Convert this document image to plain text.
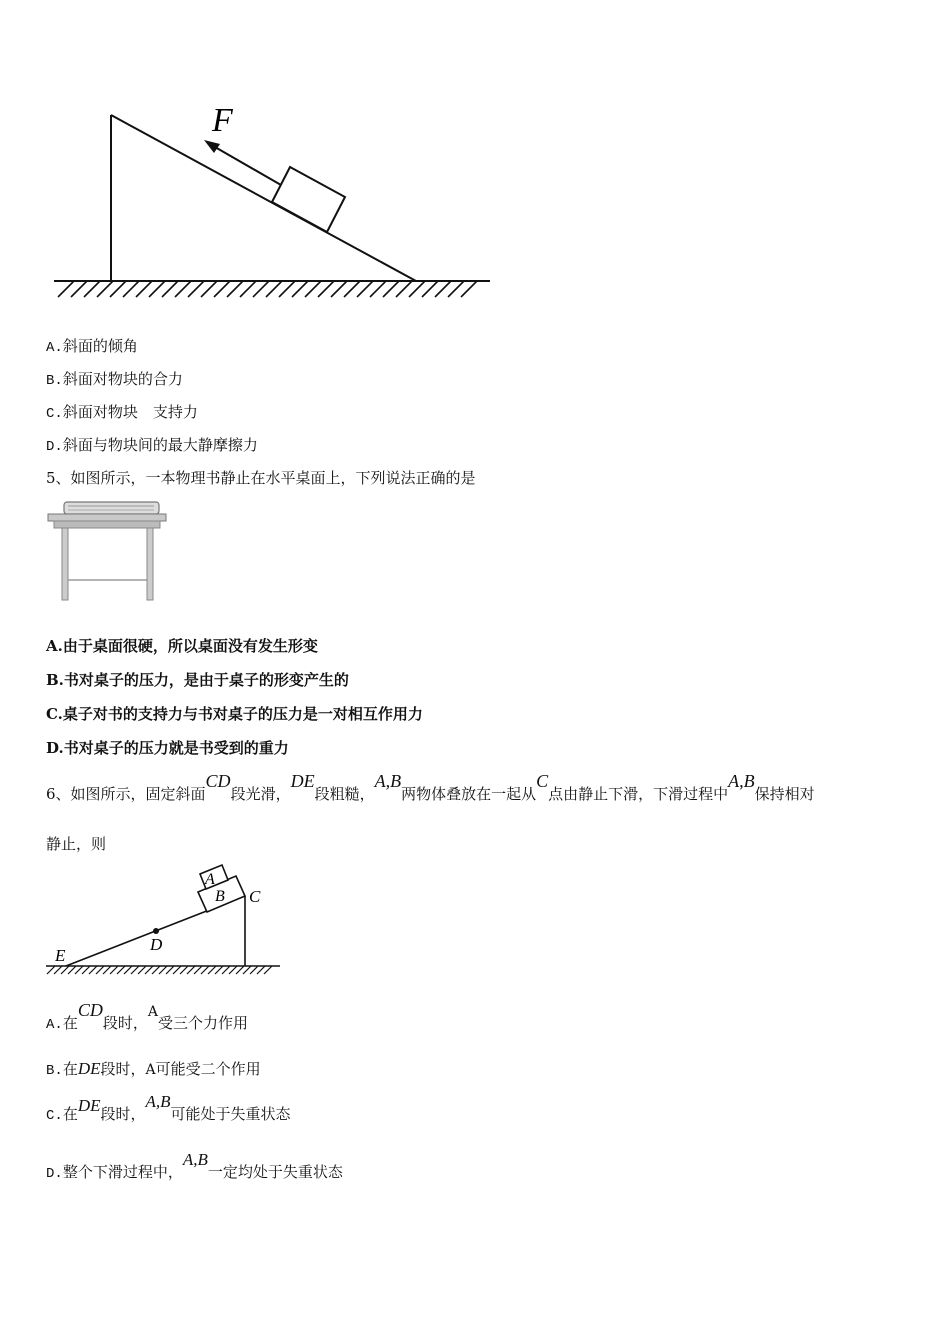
F
A.斜面的倾角
B.斜面对物块的合力
C.斜面对物块　支持力
D.斜面与物块间的最大静摩擦力
5、如图所示，一本物理书静止在水平桌面上，下列说法正确的是
A.由于桌面很硬，所以桌面没有发生形变
B.书对桌子的压力，是由于桌子的形变产生的
C.桌子对书的支持力与书对桌子的压力是一对相互作用力
D.书对桌子的压力就是书受到的重力
6、如图所示，固定斜面CD段光滑，DE段粗糙，A,B两物体叠放在一起从C点由静止下滑，下滑过程中A,B保持相对
静止，则
A
B C
D
E
A.在CD段时，A受三个力作用
B.在DE段时，A可能受二个作用
C.在DE段时，A,B可能处于失重状态
D.整个下滑过程中，A,B一定均处于失重状态
